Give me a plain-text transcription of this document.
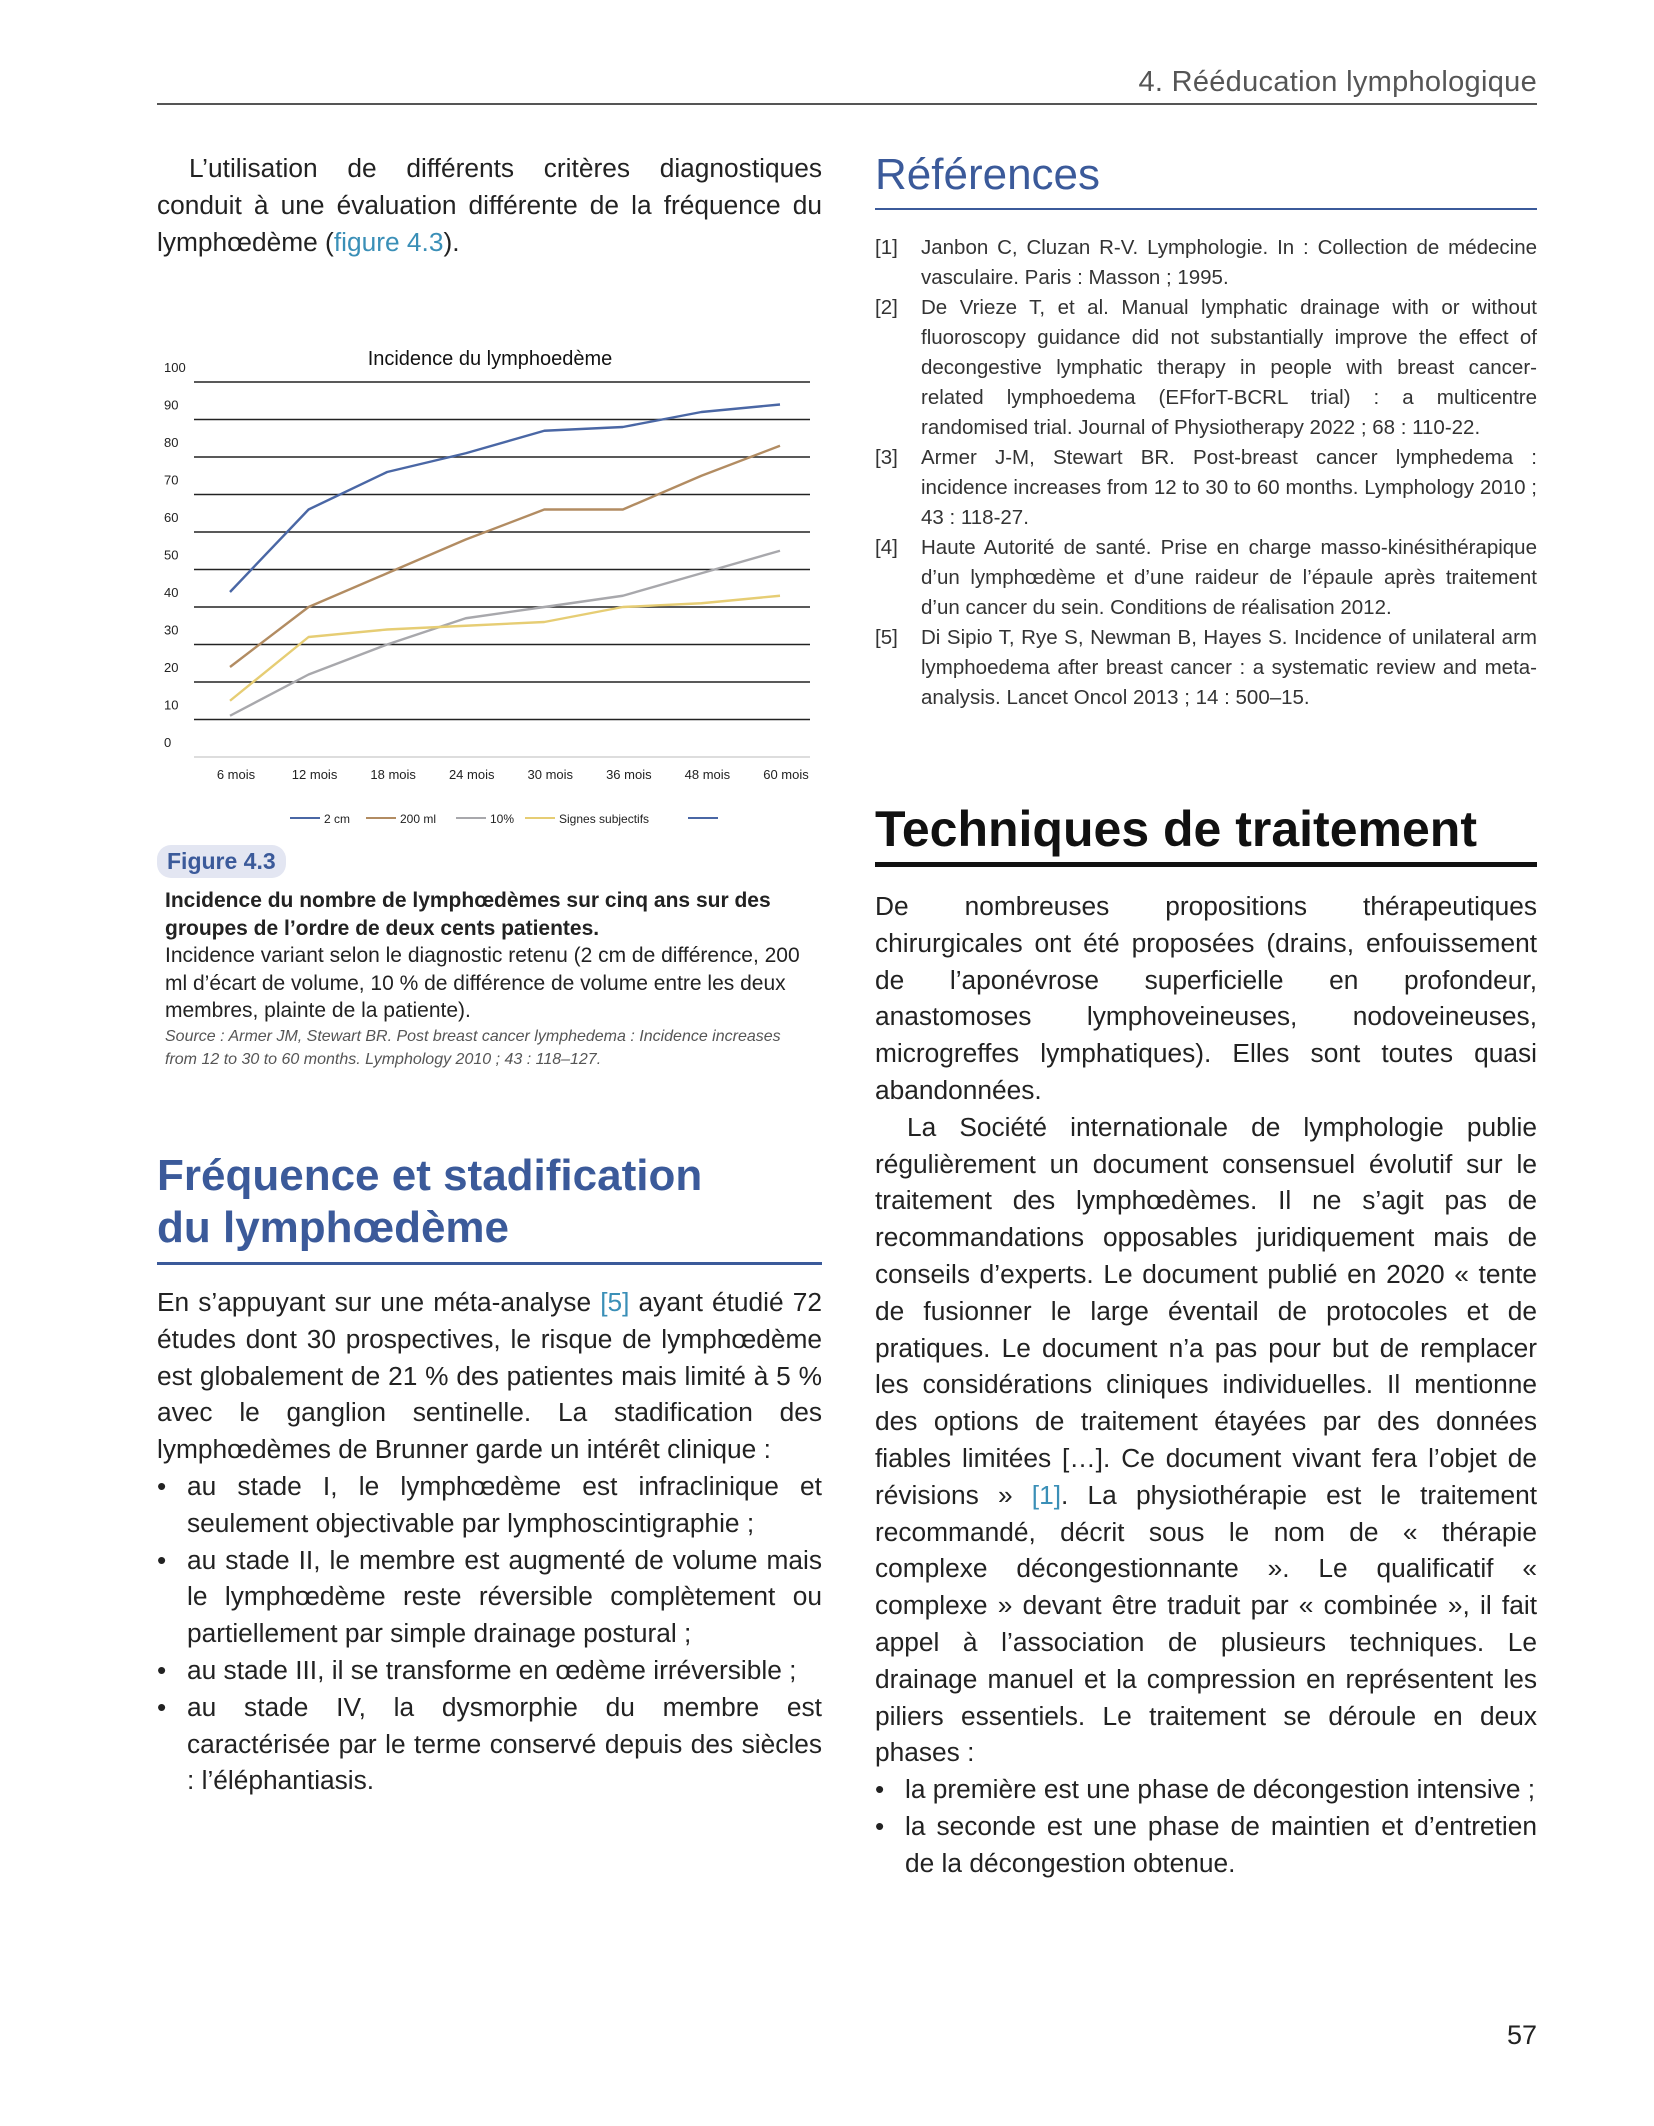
4. Rééducation lymphologique

L’utilisation de différents critères diagnostiques conduit à une évaluation différente de la fréquence du lymphœdème (figure 4.3).

Incidence du lymphoedème
0
10
20
30
40
50
60
70
80
90
100
6 mois	12 mois	18 mois	24 mois	30 mois	36 mois	48 mois	60 mois
2 cm	200 ml	10%	Signes subjectifs
Figure 4.3
Incidence du nombre de lymphœdèmes sur cinq ans sur des groupes de l’ordre de deux cents patientes.
Incidence variant selon le diagnostic retenu (2 cm de différence, 200 ml d’écart de volume, 10 % de différence de volume entre les deux membres, plainte de la patiente).
Source : Armer JM, Stewart BR. Post breast cancer lymphedema : Incidence increases from 12 to 30 to 60 months. Lymphology 2010 ; 43 : 118–127.
Fréquence et stadification
du lymphœdème

En s’appuyant sur une méta-analyse [5] ayant étudié 72 études dont 30 prospectives, le risque de lymphœdème est globalement de 21 % des patientes mais limité à 5 % avec le ganglion sentinelle. La stadification des lymphœdèmes de Brunner garde un intérêt clinique :

• au stade I, le lymphœdème est infraclinique et seulement objectivable par lymphoscintigraphie ;
• au stade II, le membre est augmenté de volume mais le lymphœdème reste réversible complètement ou partiellement par simple drainage postural ;
• au stade III, il se transforme en œdème irréversible ;
• au stade IV, la dysmorphie du membre est caractérisée par le terme conservé depuis des siècles : l’éléphantiasis.
Références
[1]	Janbon C, Cluzan R-V. Lymphologie. In : Collection de médecine vasculaire. Paris : Masson ; 1995.
[2]	De Vrieze T, et al. Manual lymphatic drainage with or without fluoroscopy guidance did not substantially improve the effect of decongestive lymphatic therapy in people with breast cancer-related lymphoedema (EFforT-BCRL trial) : a multicentre randomised trial. Journal of Physiotherapy 2022 ; 68 : 110-22.
[3]	Armer J-M, Stewart BR. Post-breast cancer lymphedema : incidence increases from 12 to 30 to 60 months. Lymphology 2010 ; 43 : 118-27.
[4]	Haute Autorité de santé. Prise en charge masso-kinésithérapique d’un lymphœdème et d’une raideur de l’épaule après traitement d’un cancer du sein. Conditions de réalisation 2012.
[5]	Di Sipio T, Rye S, Newman B, Hayes S. Incidence of unilateral arm lymphoedema after breast cancer : a systematic review and meta-analysis. Lancet Oncol 2013 ; 14 : 500–15.
Techniques de traitement

De nombreuses propositions thérapeutiques chirurgicales ont été proposées (drains, enfouissement de l’aponévrose superficielle en profondeur, anastomoses lymphoveineuses, nodoveineuses, microgreffes lymphatiques). Elles sont toutes quasi abandonnées.

La Société internationale de lymphologie publie régulièrement un document consensuel évolutif sur le traitement des lymphœdèmes. Il ne s’agit pas de recommandations opposables juridiquement mais de conseils d’experts. Le document publié en 2020 « tente de fusionner le large éventail de protocoles et de pratiques. Le document n’a pas pour but de remplacer les considérations cliniques individuelles. Il mentionne des options de traitement étayées par des données fiables limitées […]. Ce document vivant fera l’objet de révisions » [1]. La physiothérapie est le traitement recommandé, décrit sous le nom de « thérapie complexe décongestionnante ». Le qualificatif « complexe » devant être traduit par « combinée », il fait appel à l’association de plusieurs techniques. Le drainage manuel et la compression en représentent les piliers essentiels. Le traitement se déroule en deux phases :

• la première est une phase de décongestion intensive ;
• la seconde est une phase de maintien et d’entretien de la décongestion obtenue.
57
